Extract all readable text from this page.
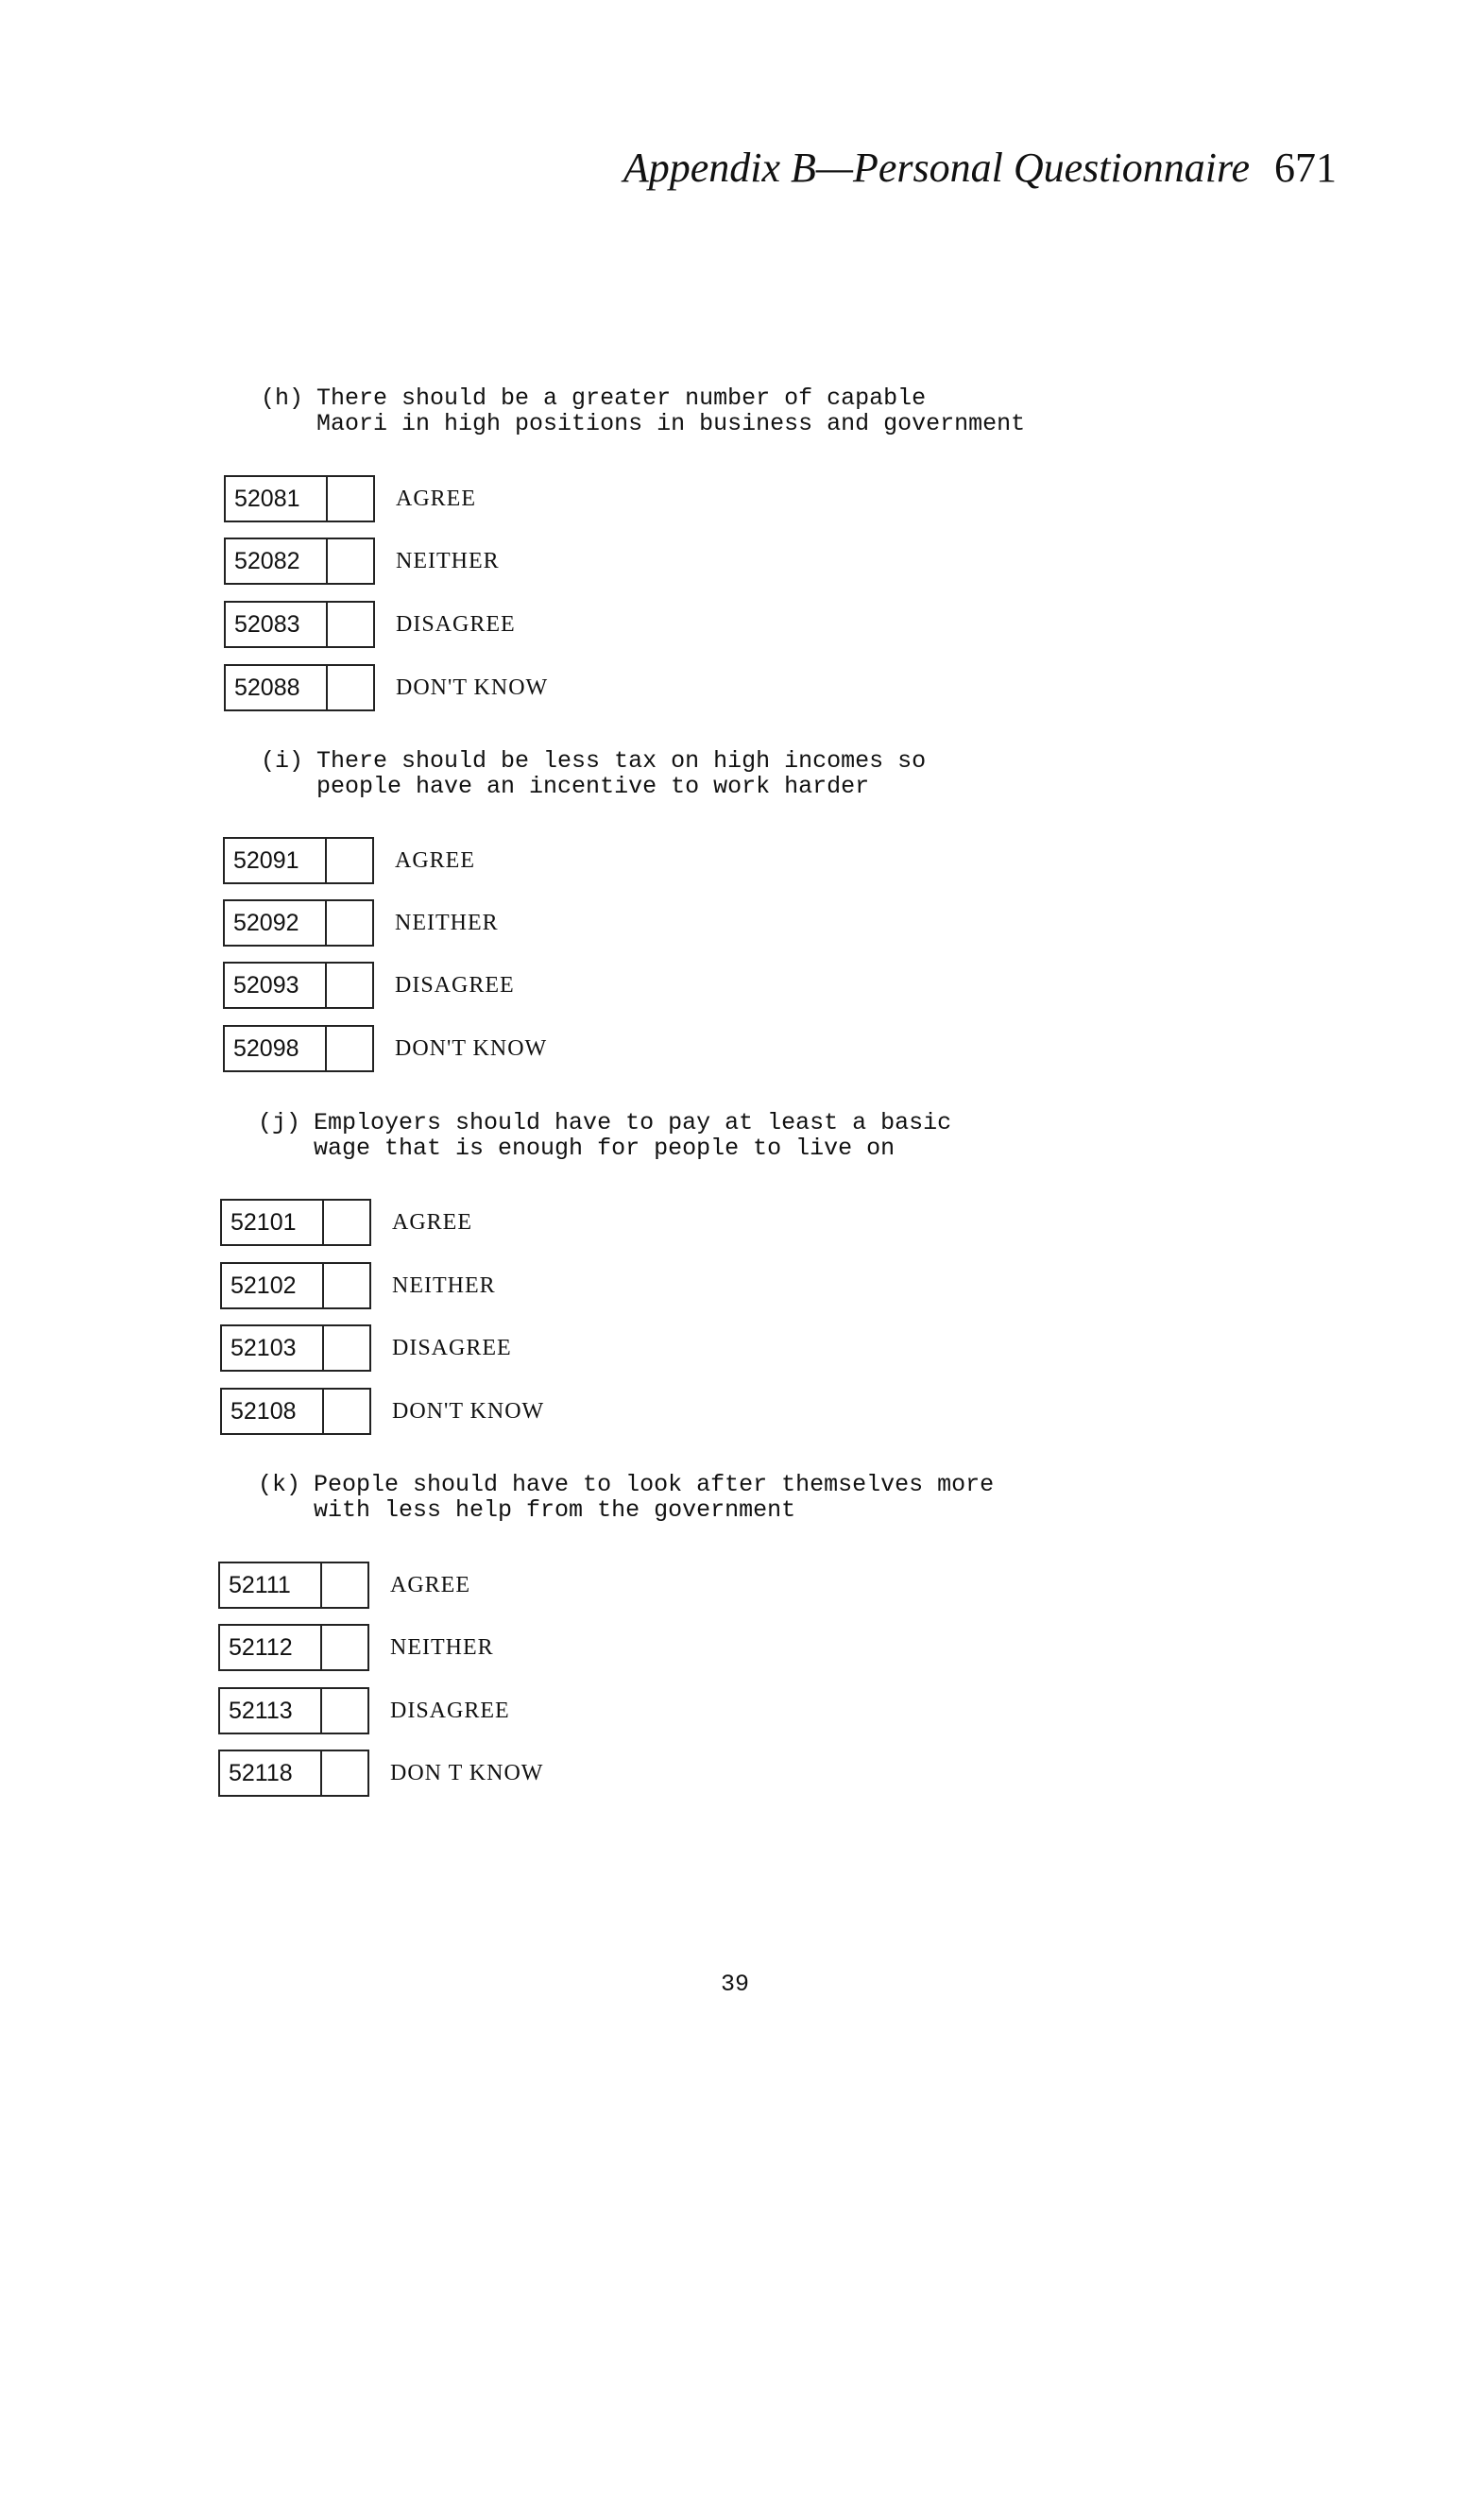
Appendix B—Personal Questionnaire 671
(h) There should be a greater number of capable
Maori in high positions in business and government
52081	AGREE
52082	NEITHER
52083	DISAGREE
52088	DON'T KNOW
(i) There should be less tax on high incomes so
people have an incentive to work harder
52091	AGREE
52092	NEITHER
52093	DISAGREE
52098	DON'T KNOW
(j) Employers should have to pay at least a basic
wage that is enough for people to live on
52101	AGREE
52102	NEITHER
52103	DISAGREE
52108	DON'T KNOW
(k) People should have to look after themselves more
with less help from the government
52111	AGREE
52112	NEITHER
52113	DISAGREE
52118	DON T KNOW
39
